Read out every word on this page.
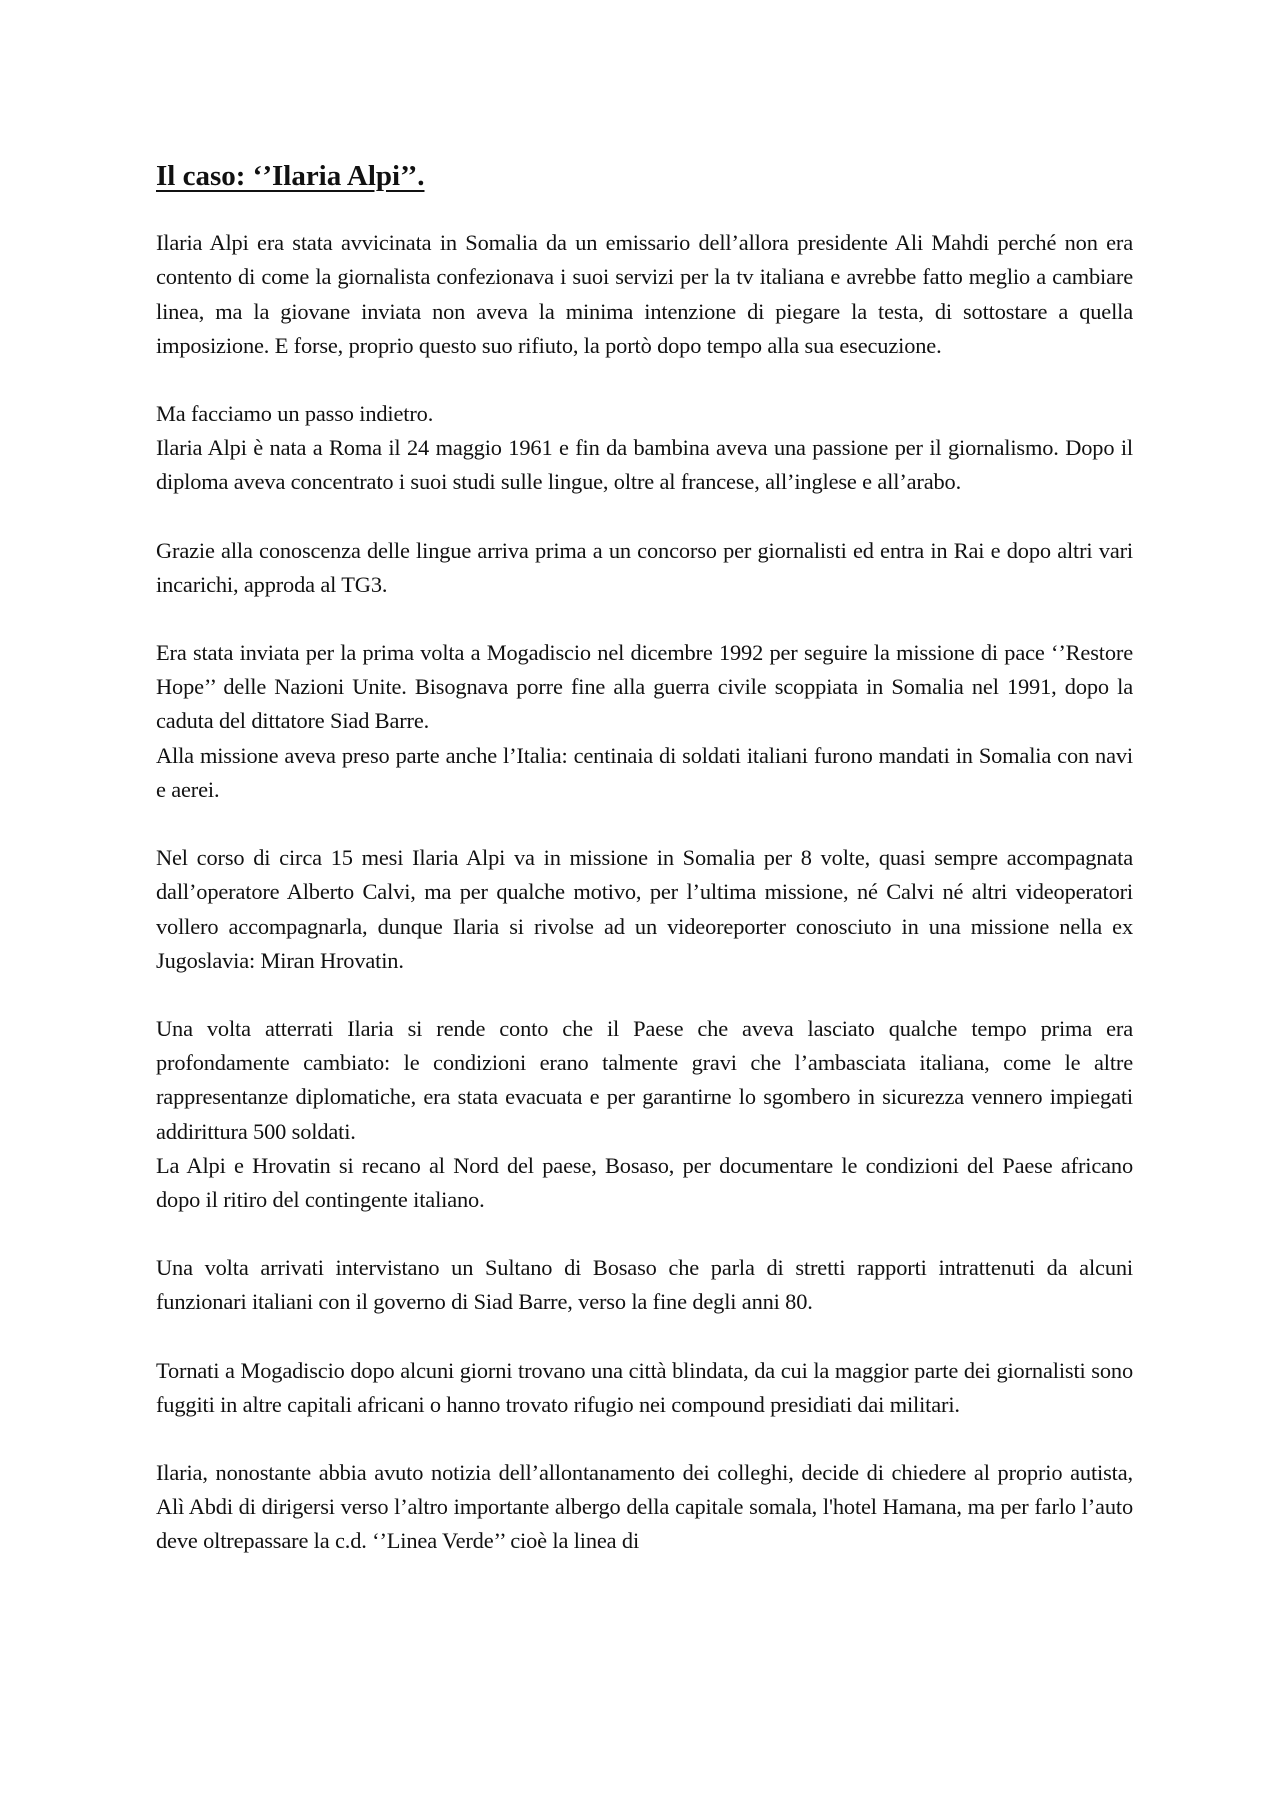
Il caso: ‘’Ilaria Alpi’’.

Ilaria Alpi era stata avvicinata in Somalia da un emissario dell’allora presidente Ali Mahdi perché non era contento di come la giornalista confezionava i suoi servizi per la tv italiana e avrebbe fatto meglio a cambiare linea, ma la giovane inviata non aveva la minima intenzione di piegare la testa, di sottostare a quella imposizione. E forse, proprio questo suo rifiuto, la portò dopo tempo alla sua esecuzione.

Ma facciamo un passo indietro.

Ilaria Alpi è nata a Roma il 24 maggio 1961 e fin da bambina aveva una passione per il giornalismo. Dopo il diploma aveva concentrato i suoi studi sulle lingue, oltre al francese, all’inglese e all’arabo.

Grazie alla conoscenza delle lingue arriva prima a un concorso per giornalisti ed entra in Rai e dopo altri vari incarichi, approda al TG3.

Era stata inviata per la prima volta a Mogadiscio nel dicembre 1992 per seguire la missione di pace ‘’Restore Hope’’ delle Nazioni Unite. Bisognava porre fine alla guerra civile scoppiata in Somalia nel 1991, dopo la caduta del dittatore Siad Barre.

Alla missione aveva preso parte anche l’Italia: centinaia di soldati italiani furono mandati in Somalia con navi e aerei.

Nel corso di circa 15 mesi Ilaria Alpi va in missione in Somalia per 8 volte, quasi sempre accompagnata dall’operatore Alberto Calvi, ma per qualche motivo, per l’ultima missione, né Calvi né altri videoperatori vollero accompagnarla, dunque Ilaria si rivolse ad un videoreporter conosciuto in una missione nella ex Jugoslavia: Miran Hrovatin.

Una volta atterrati Ilaria si rende conto che il Paese che aveva lasciato qualche tempo prima era profondamente cambiato: le condizioni erano talmente gravi che l’ambasciata italiana, come le altre rappresentanze diplomatiche, era stata evacuata e per garantirne lo sgombero in sicurezza vennero impiegati addirittura 500 soldati.

La Alpi e Hrovatin si recano al Nord del paese, Bosaso, per documentare le condizioni del Paese africano dopo il ritiro del contingente italiano.

Una volta arrivati intervistano un Sultano di Bosaso che parla di stretti rapporti intrattenuti da alcuni funzionari italiani con il governo di Siad Barre, verso la fine degli anni 80.

Tornati a Mogadiscio dopo alcuni giorni trovano una città blindata, da cui la maggior parte dei giornalisti sono fuggiti in altre capitali africani o hanno trovato rifugio nei compound presidiati dai militari.

Ilaria, nonostante abbia avuto notizia dell’allontanamento dei colleghi, decide di chiedere al proprio autista, Alì Abdi di dirigersi verso l’altro importante albergo della capitale somala, l'hotel Hamana, ma per farlo l’auto deve oltrepassare la c.d. ‘’Linea Verde’’ cioè la linea di
